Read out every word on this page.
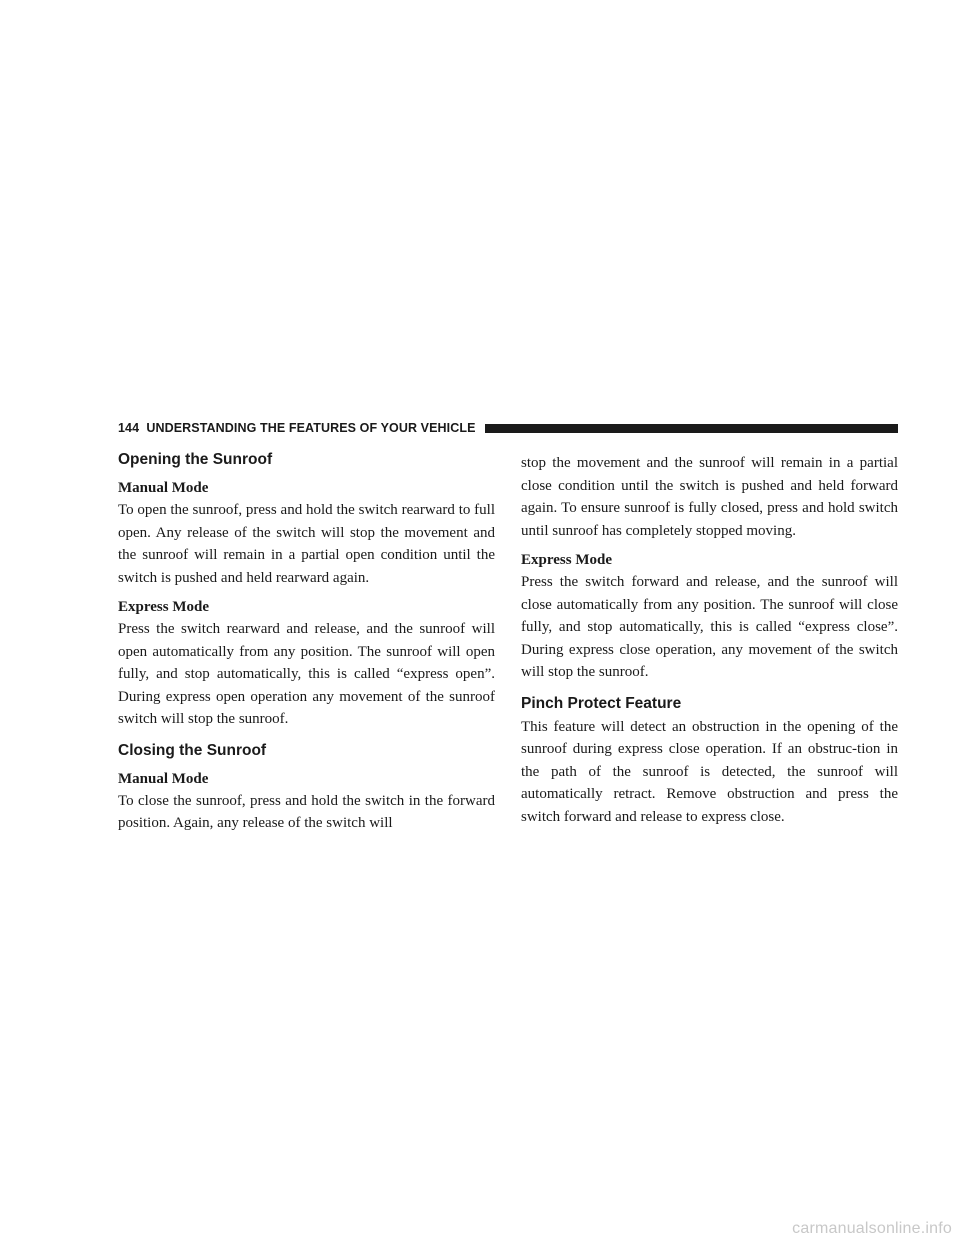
144 UNDERSTANDING THE FEATURES OF YOUR VEHICLE
Opening the Sunroof
Manual Mode

To open the sunroof, press and hold the switch rearward to full open. Any release of the switch will stop the movement and the sunroof will remain in a partial open condition until the switch is pushed and held rearward again.

Express Mode

Press the switch rearward and release, and the sunroof will open automatically from any position. The sunroof will open fully, and stop automatically, this is called “express open”. During express open operation any movement of the sunroof switch will stop the sunroof.

Closing the Sunroof
Manual Mode

To close the sunroof, press and hold the switch in the forward position. Again, any release of the switch will

stop the movement and the sunroof will remain in a partial close condition until the switch is pushed and held forward again. To ensure sunroof is fully closed, press and hold switch until sunroof has completely stopped moving.

Express Mode

Press the switch forward and release, and the sunroof will close automatically from any position. The sunroof will close fully, and stop automatically, this is called “express close”. During express close operation, any movement of the switch will stop the sunroof.

Pinch Protect Feature

This feature will detect an obstruction in the opening of the sunroof during express close operation. If an obstruc-tion in the path of the sunroof is detected, the sunroof will automatically retract. Remove obstruction and press the switch forward and release to express close.

carmanualsonline.info
